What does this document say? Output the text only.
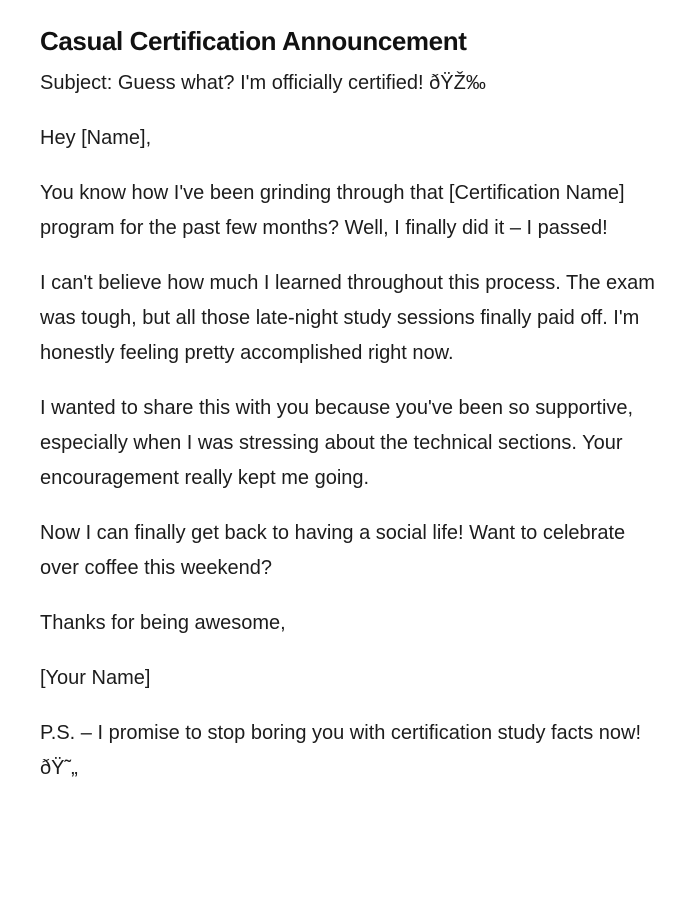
Casual Certification Announcement

Subject: Guess what? I'm officially certified! ðŸŽ‰

Hey [Name],

You know how I've been grinding through that [Certification Name] program for the past few months? Well, I finally did it – I passed!

I can't believe how much I learned throughout this process. The exam was tough, but all those late-night study sessions finally paid off. I'm honestly feeling pretty accomplished right now.

I wanted to share this with you because you've been so supportive, especially when I was stressing about the technical sections. Your encouragement really kept me going.

Now I can finally get back to having a social life! Want to celebrate over coffee this weekend?

Thanks for being awesome,

[Your Name]

P.S. – I promise to stop boring you with certification study facts now! ðŸ˜„
